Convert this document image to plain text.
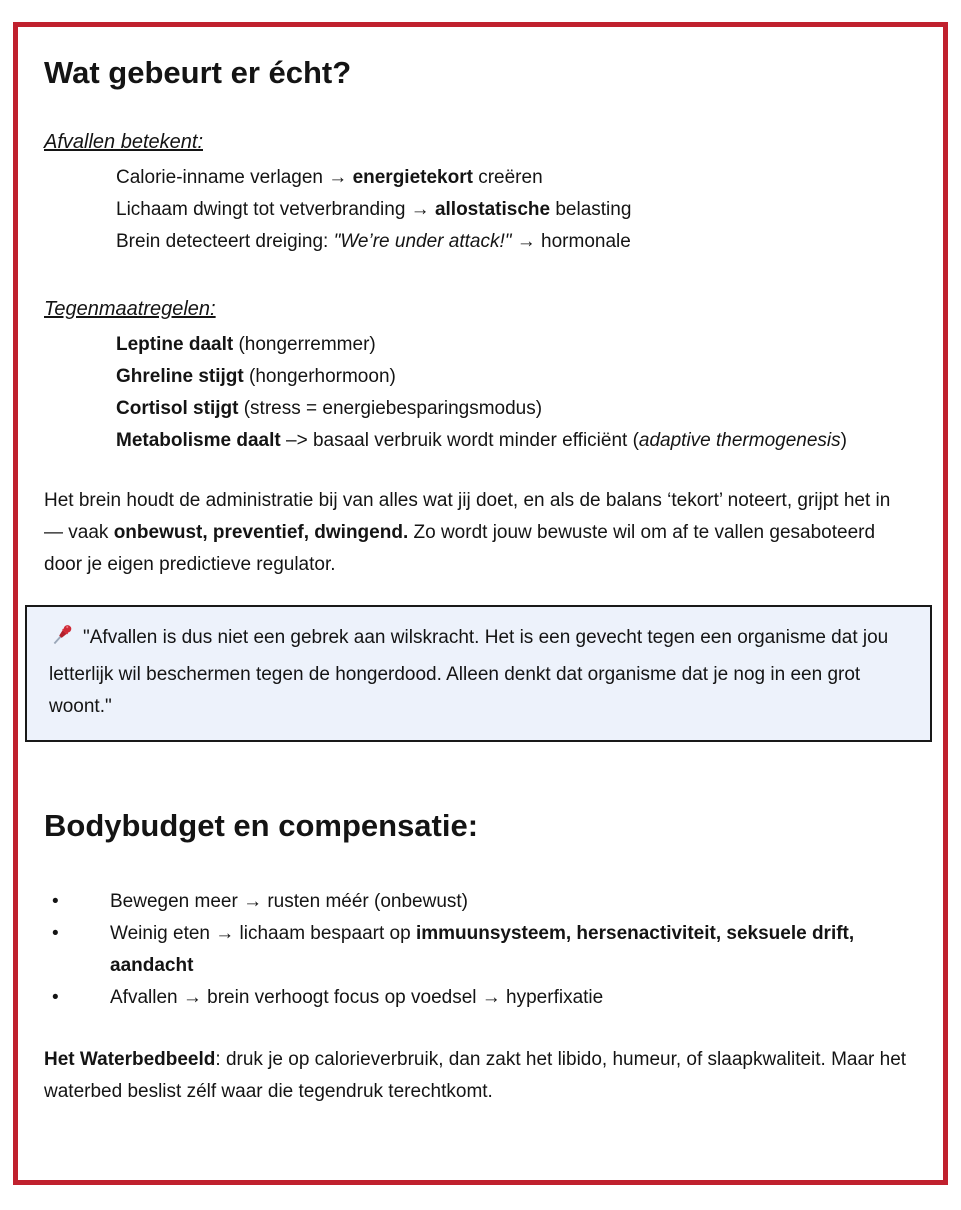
Wat gebeurt er écht?
Afvallen betekent:
Calorie-inname verlagen → energietekort creëren
Lichaam dwingt tot vetverbranding → allostatische belasting
Brein detecteert dreiging: "We’re under attack!" → hormonale
Tegenmaatregelen:
Leptine daalt (hongerremmer)
Ghreline stijgt (hongerhormoon)
Cortisol stijgt (stress = energiebesparingsmodus)
Metabolisme daalt –> basaal verbruik wordt minder efficiënt (adaptive thermogenesis)

Het brein houdt de administratie bij van alles wat jij doet, en als de balans ‘tekort’ noteert, grijpt het in — vaak onbewust, preventief, dwingend. Zo wordt jouw bewuste wil om af te vallen gesaboteerd door je eigen predictieve regulator.

"Afvallen is dus niet een gebrek aan wilskracht. Het is een gevecht tegen een organisme dat jou letterlijk wil beschermen tegen de hongerdood. Alleen denkt dat organisme dat je nog in een grot woont."

Bodybudget en compensatie:
•	Bewegen meer → rusten méér (onbewust)
•	Weinig eten → lichaam bespaart op immuunsysteem, hersenactiviteit, seksuele drift, aandacht
•	Afvallen → brein verhoogt focus op voedsel → hyperfixatie

Het Waterbedbeeld: druk je op calorieverbruik, dan zakt het libido, humeur, of slaapkwaliteit. Maar het waterbed beslist zélf waar die tegendruk terechtkomt.
